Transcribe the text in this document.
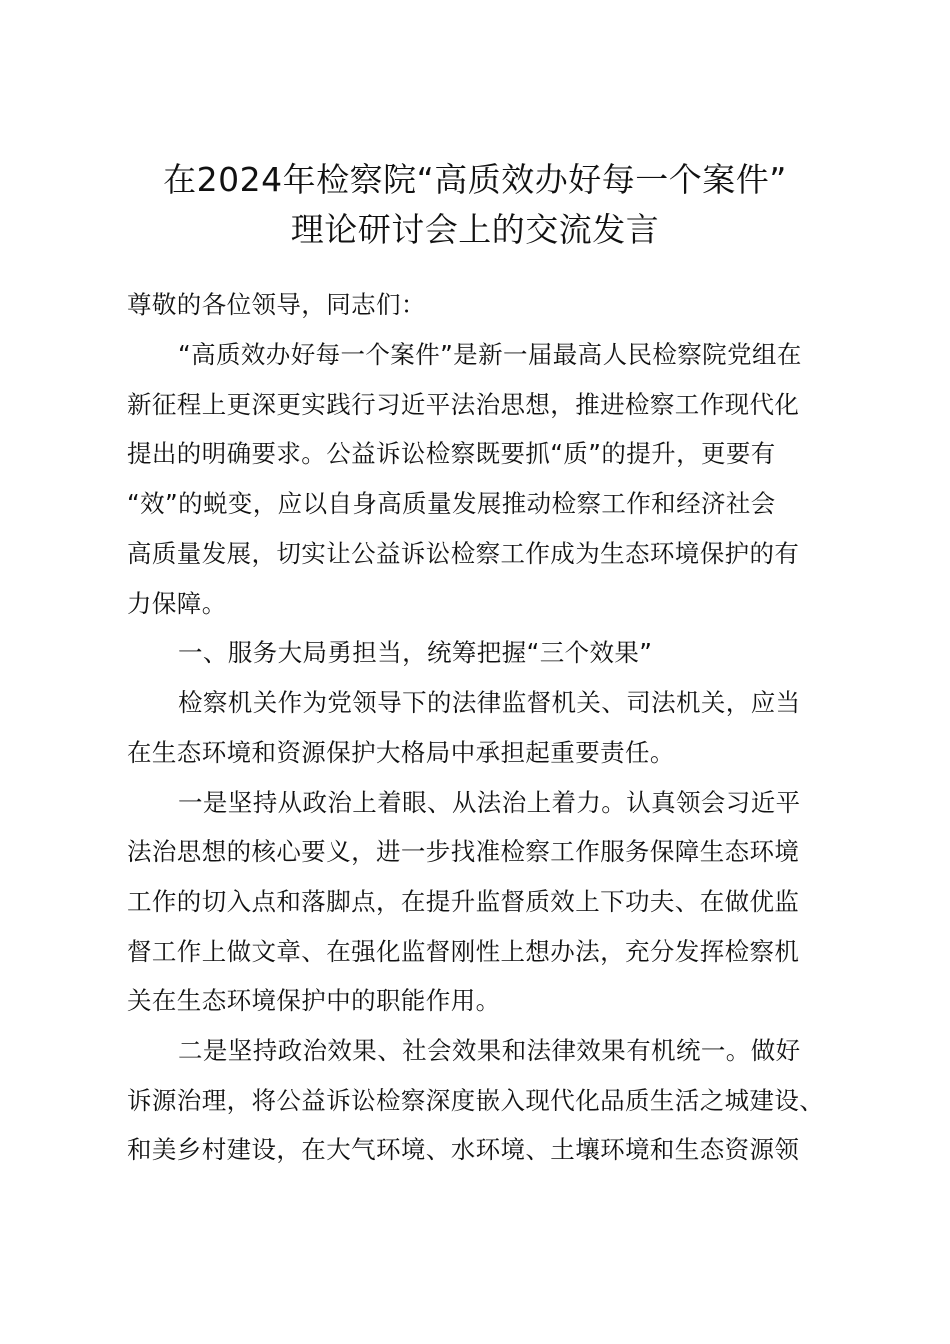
在2024年检察院“高质效办好每一个案件”
理论研讨会上的交流发言
尊敬的各位领导，同志们：
“高质效办好每一个案件”是新一届最高人民检察院党组在
新征程上更深更实践行习近平法治思想，推进检察工作现代化
提出的明确要求。公益诉讼检察既要抓“质”的提升，更要有
“效”的蜕变，应以自身高质量发展推动检察工作和经济社会
高质量发展，切实让公益诉讼检察工作成为生态环境保护的有
力保障。
一、服务大局勇担当，统筹把握“三个效果”
检察机关作为党领导下的法律监督机关、司法机关，应当
在生态环境和资源保护大格局中承担起重要责任。
一是坚持从政治上着眼、从法治上着力。认真领会习近平
法治思想的核心要义，进一步找准检察工作服务保障生态环境
工作的切入点和落脚点，在提升监督质效上下功夫、在做优监
督工作上做文章、在强化监督刚性上想办法，充分发挥检察机
关在生态环境保护中的职能作用。
二是坚持政治效果、社会效果和法律效果有机统一。做好
诉源治理，将公益诉讼检察深度嵌入现代化品质生活之城建设、
和美乡村建设，在大气环境、水环境、土壤环境和生态资源领
